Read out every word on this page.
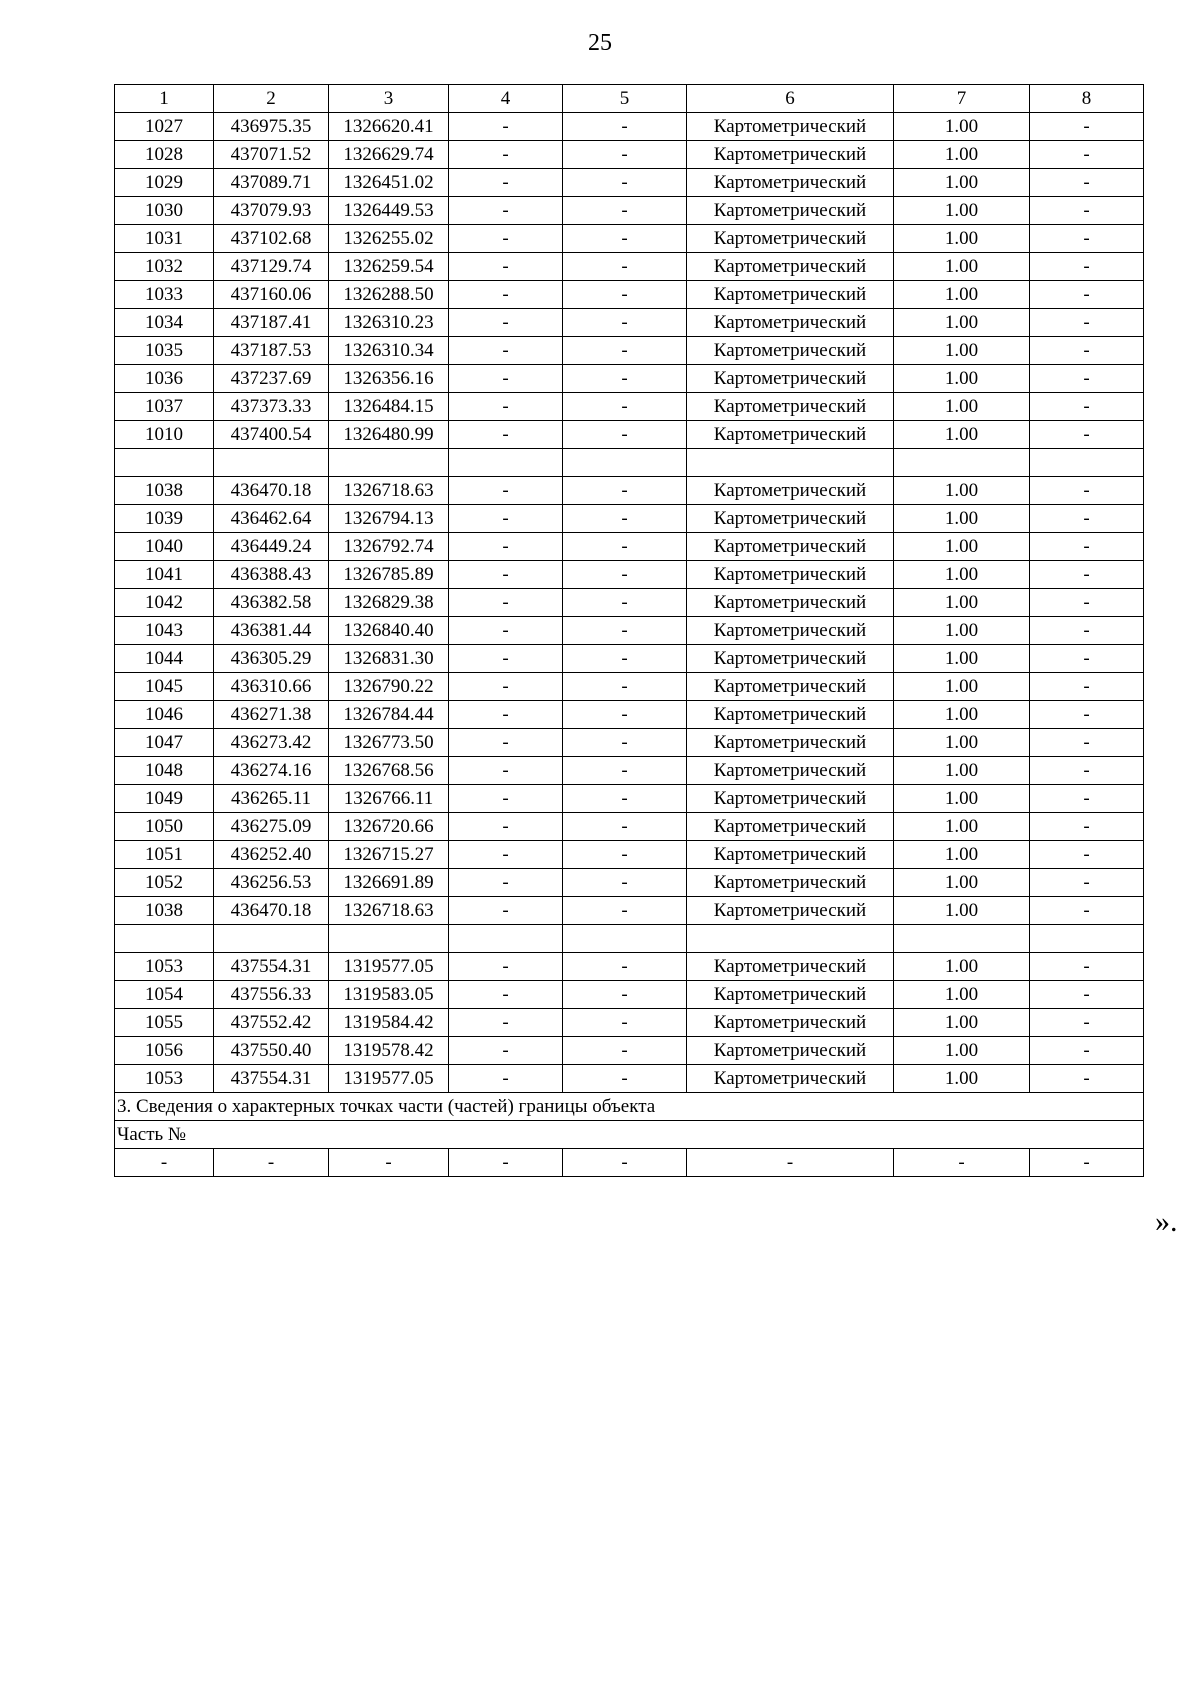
25
1	2	3	4	5	6	7	8
1027	436975.35	1326620.41	-	-	Картометрический	1.00	-
1028	437071.52	1326629.74	-	-	Картометрический	1.00	-
1029	437089.71	1326451.02	-	-	Картометрический	1.00	-
1030	437079.93	1326449.53	-	-	Картометрический	1.00	-
1031	437102.68	1326255.02	-	-	Картометрический	1.00	-
1032	437129.74	1326259.54	-	-	Картометрический	1.00	-
1033	437160.06	1326288.50	-	-	Картометрический	1.00	-
1034	437187.41	1326310.23	-	-	Картометрический	1.00	-
1035	437187.53	1326310.34	-	-	Картометрический	1.00	-
1036	437237.69	1326356.16	-	-	Картометрический	1.00	-
1037	437373.33	1326484.15	-	-	Картометрический	1.00	-
1010	437400.54	1326480.99	-	-	Картометрический	1.00	-

1038	436470.18	1326718.63	-	-	Картометрический	1.00	-
1039	436462.64	1326794.13	-	-	Картометрический	1.00	-
1040	436449.24	1326792.74	-	-	Картометрический	1.00	-
1041	436388.43	1326785.89	-	-	Картометрический	1.00	-
1042	436382.58	1326829.38	-	-	Картометрический	1.00	-
1043	436381.44	1326840.40	-	-	Картометрический	1.00	-
1044	436305.29	1326831.30	-	-	Картометрический	1.00	-
1045	436310.66	1326790.22	-	-	Картометрический	1.00	-
1046	436271.38	1326784.44	-	-	Картометрический	1.00	-
1047	436273.42	1326773.50	-	-	Картометрический	1.00	-
1048	436274.16	1326768.56	-	-	Картометрический	1.00	-
1049	436265.11	1326766.11	-	-	Картометрический	1.00	-
1050	436275.09	1326720.66	-	-	Картометрический	1.00	-
1051	436252.40	1326715.27	-	-	Картометрический	1.00	-
1052	436256.53	1326691.89	-	-	Картометрический	1.00	-
1038	436470.18	1326718.63	-	-	Картометрический	1.00	-

1053	437554.31	1319577.05	-	-	Картометрический	1.00	-
1054	437556.33	1319583.05	-	-	Картометрический	1.00	-
1055	437552.42	1319584.42	-	-	Картометрический	1.00	-
1056	437550.40	1319578.42	-	-	Картометрический	1.00	-
1053	437554.31	1319577.05	-	-	Картометрический	1.00	-
3. Сведения о характерных точках части (частей) границы объекта							
Часть №							
-	-	-	-	-	-	-	-
».
